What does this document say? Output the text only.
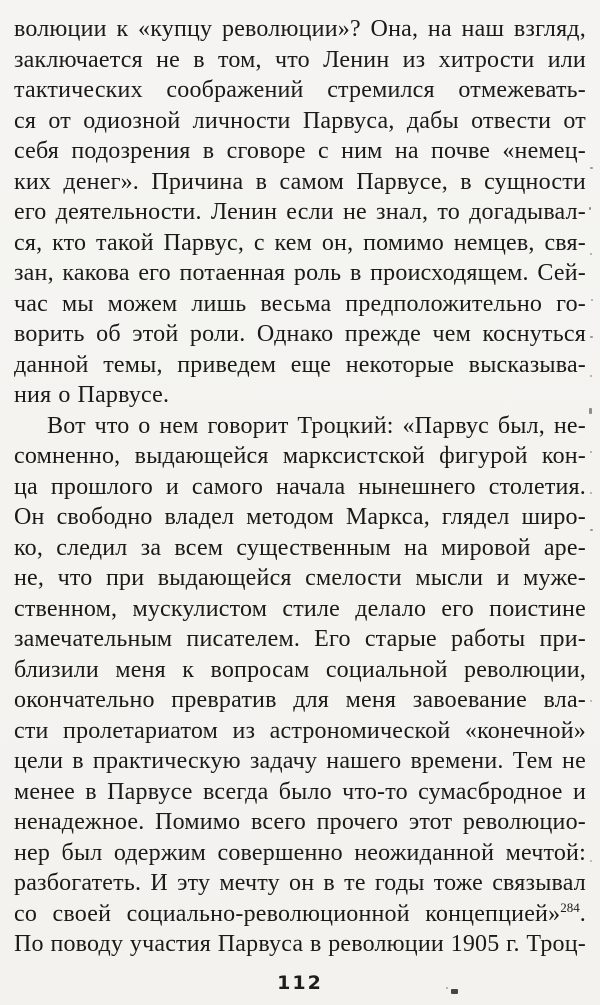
волюции к «купцу революции»? Она, на наш взгляд,
заключается не в том, что Ленин из хитрости или
тактических соображений стремился отмежевать-
ся от одиозной личности Парвуса, дабы отвести от
себя подозрения в сговоре с ним на почве «немец-
ких денег». Причина в самом Парвусе, в сущности
его деятельности. Ленин если не знал, то догадывал-
ся, кто такой Парвус, с кем он, помимо немцев, свя-
зан, какова его потаенная роль в происходящем. Сей-
час мы можем лишь весьма предположительно го-
ворить об этой роли. Однако прежде чем коснуться
данной темы, приведем еще некоторые высказыва-
ния о Парвусе.
Вот что о нем говорит Троцкий: «Парвус был, не-
сомненно, выдающейся марксистской фигурой кон-
ца прошлого и самого начала нынешнего столетия.
Он свободно владел методом Маркса, глядел широ-
ко, следил за всем существенным на мировой аре-
не, что при выдающейся смелости мысли и муже-
ственном, мускулистом стиле делало его поистине
замечательным писателем. Его старые работы при-
близили меня к вопросам социальной революции,
окончательно превратив для меня завоевание вла-
сти пролетариатом из астрономической «конечной»
цели в практическую задачу нашего времени. Тем не
менее в Парвусе всегда было что-то сумасбродное и
ненадежное. Помимо всего прочего этот революцио-
нер был одержим совершенно неожиданной мечтой:
разбогатеть. И эту мечту он в те годы тоже связывал
со своей социально-революционной концепцией»$^{284}$.
По поводу участия Парвуса в революции 1905 г. Троц-
112
